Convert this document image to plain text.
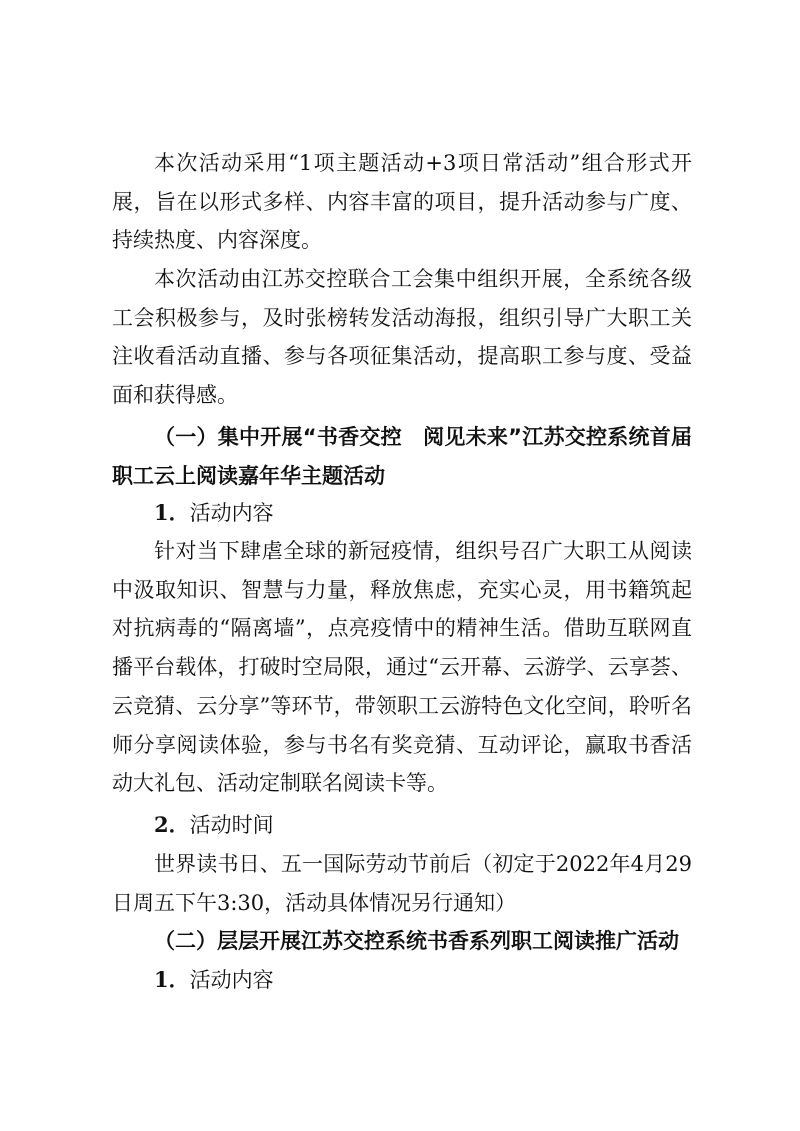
本次活动采用“1项主题活动+3项日常活动”组合形式开展，旨在以形式多样、内容丰富的项目，提升活动参与广度、持续热度、内容深度。

本次活动由江苏交控联合工会集中组织开展，全系统各级工会积极参与，及时张榜转发活动海报，组织引导广大职工关注收看活动直播、参与各项征集活动，提高职工参与度、受益面和获得感。

（一）集中开展“书香交控　阅见未来”江苏交控系统首届职工云上阅读嘉年华主题活动

1．活动内容

针对当下肆虐全球的新冠疫情，组织号召广大职工从阅读中汲取知识、智慧与力量，释放焦虑，充实心灵，用书籍筑起对抗病毒的“隔离墙”，点亮疫情中的精神生活。借助互联网直播平台载体，打破时空局限，通过“云开幕、云游学、云享荟、云竞猜、云分享”等环节，带领职工云游特色文化空间，聆听名师分享阅读体验，参与书名有奖竞猜、互动评论，赢取书香活动大礼包、活动定制联名阅读卡等。

2．活动时间

世界读书日、五一国际劳动节前后（初定于2022年4月29日周五下午3:30，活动具体情况另行通知）

（二）层层开展江苏交控系统书香系列职工阅读推广活动

1．活动内容
